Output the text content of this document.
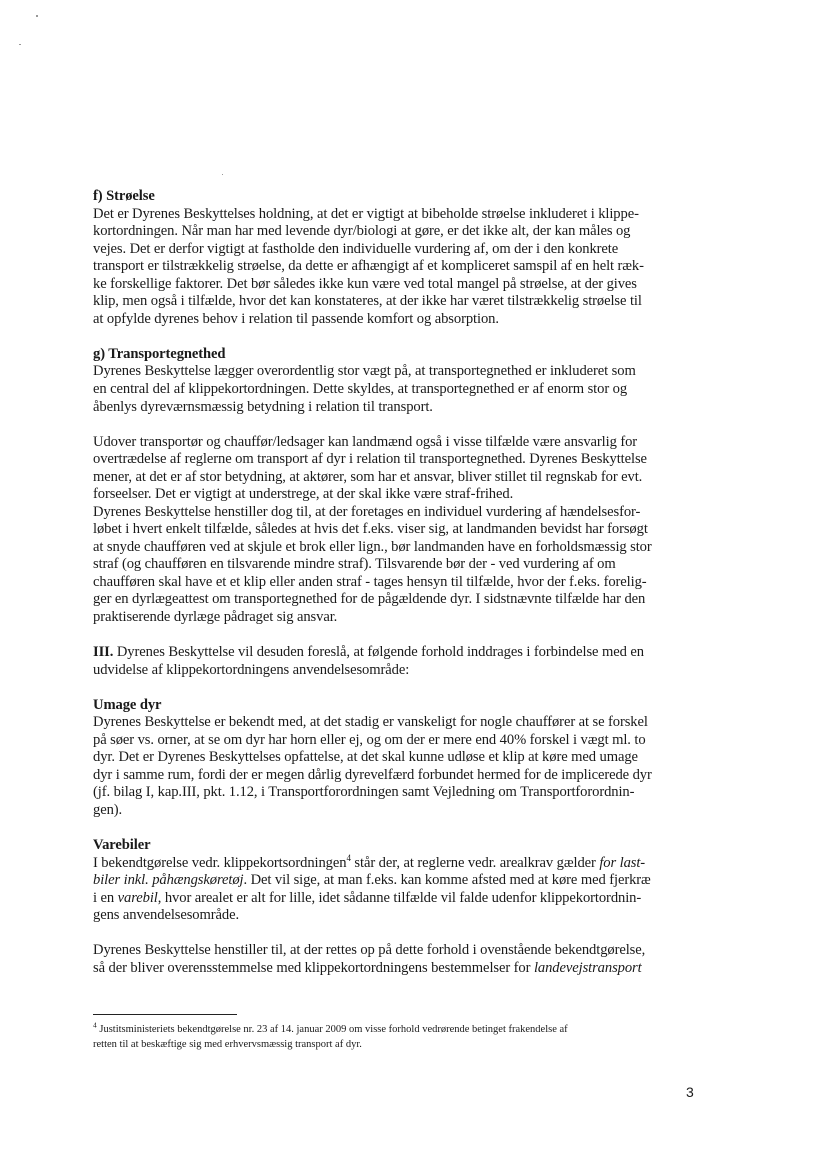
f) Strøelse

Det er Dyrenes Beskyttelses holdning, at det er vigtigt at bibeholde strøelse inkluderet i klippe-
kortordningen. Når man har med levende dyr/biologi at gøre, er det ikke alt, der kan måles og
vejes. Det er derfor vigtigt at fastholde den individuelle vurdering af, om der i den konkrete
transport er tilstrækkelig strøelse, da dette er afhængigt af et kompliceret samspil af en helt ræk-
ke forskellige faktorer. Det bør således ikke kun være ved total mangel på strøelse, at der gives
klip, men også i tilfælde, hvor det kan konstateres, at der ikke har været tilstrækkelig strøelse til
at opfylde dyrenes behov i relation til passende komfort og absorption.

g) Transportegnethed

Dyrenes Beskyttelse lægger overordentlig stor vægt på, at transportegnethed er inkluderet som
en central del af klippekortordningen. Dette skyldes, at transportegnethed er af enorm stor og
åbenlys dyreværnsmæssig betydning i relation til transport.
Udover transportør og chauffør/ledsager kan landmænd også i visse tilfælde være ansvarlig for
overtrædelse af reglerne om transport af dyr i relation til transportegnethed. Dyrenes Beskyttelse
mener, at det er af stor betydning, at aktører, som har et ansvar, bliver stillet til regnskab for evt.
forseelser. Det er vigtigt at understrege, at der skal ikke være straf-frihed.
Dyrenes Beskyttelse henstiller dog til, at der foretages en individuel vurdering af hændelsesfor-
løbet i hvert enkelt tilfælde, således at hvis det f.eks. viser sig, at landmanden bevidst har forsøgt
at snyde chaufføren ved at skjule et brok eller lign., bør landmanden have en forholdsmæssig stor
straf (og chaufføren en tilsvarende mindre straf). Tilsvarende bør der - ved vurdering af om
chaufføren skal have et et klip eller anden straf - tages hensyn til tilfælde, hvor der f.eks. forelig-
ger en dyrlægeattest om transportegnethed for de pågældende dyr. I sidstnævnte tilfælde har den
praktiserende dyrlæge pådraget sig ansvar.
III. Dyrenes Beskyttelse vil desuden foreslå, at følgende forhold inddrages i forbindelse med en
udvidelse af klippekortordningens anvendelsesområde:

Umage dyr

Dyrenes Beskyttelse er bekendt med, at det stadig er vanskeligt for nogle chauffører at se forskel
på søer vs. orner, at se om dyr har horn eller ej, og om der er mere end 40% forskel i vægt ml. to
dyr. Det er Dyrenes Beskyttelses opfattelse, at det skal kunne udløse et klip at køre med umage
dyr i samme rum, fordi der er megen dårlig dyrevelfærd forbundet hermed for de implicerede dyr
(jf. bilag I, kap.III, pkt. 1.12, i Transportforordningen samt Vejledning om Transportforordnin-
gen).

Varebiler

I bekendtgørelse vedr. klippekortsordningen$^4$ står der, at reglerne vedr. arealkrav gælder for last-
biler inkl. påhængskøretøj. Det vil sige, at man f.eks. kan komme afsted med at køre med fjerkræ
i en varebil, hvor arealet er alt for lille, idet sådanne tilfælde vil falde udenfor klippekortordnin-
gens anvendelsesområde.
Dyrenes Beskyttelse henstiller til, at der rettes op på dette forhold i ovenstående bekendtgørelse,
så der bliver overensstemmelse med klippekortordningens bestemmelser for landevejstransport
$^4$ Justitsministeriets bekendtgørelse nr. 23 af 14. januar 2009 om visse forhold vedrørende betinget frakendelse af
retten til at beskæftige sig med erhvervsmæssig transport af dyr.
3
